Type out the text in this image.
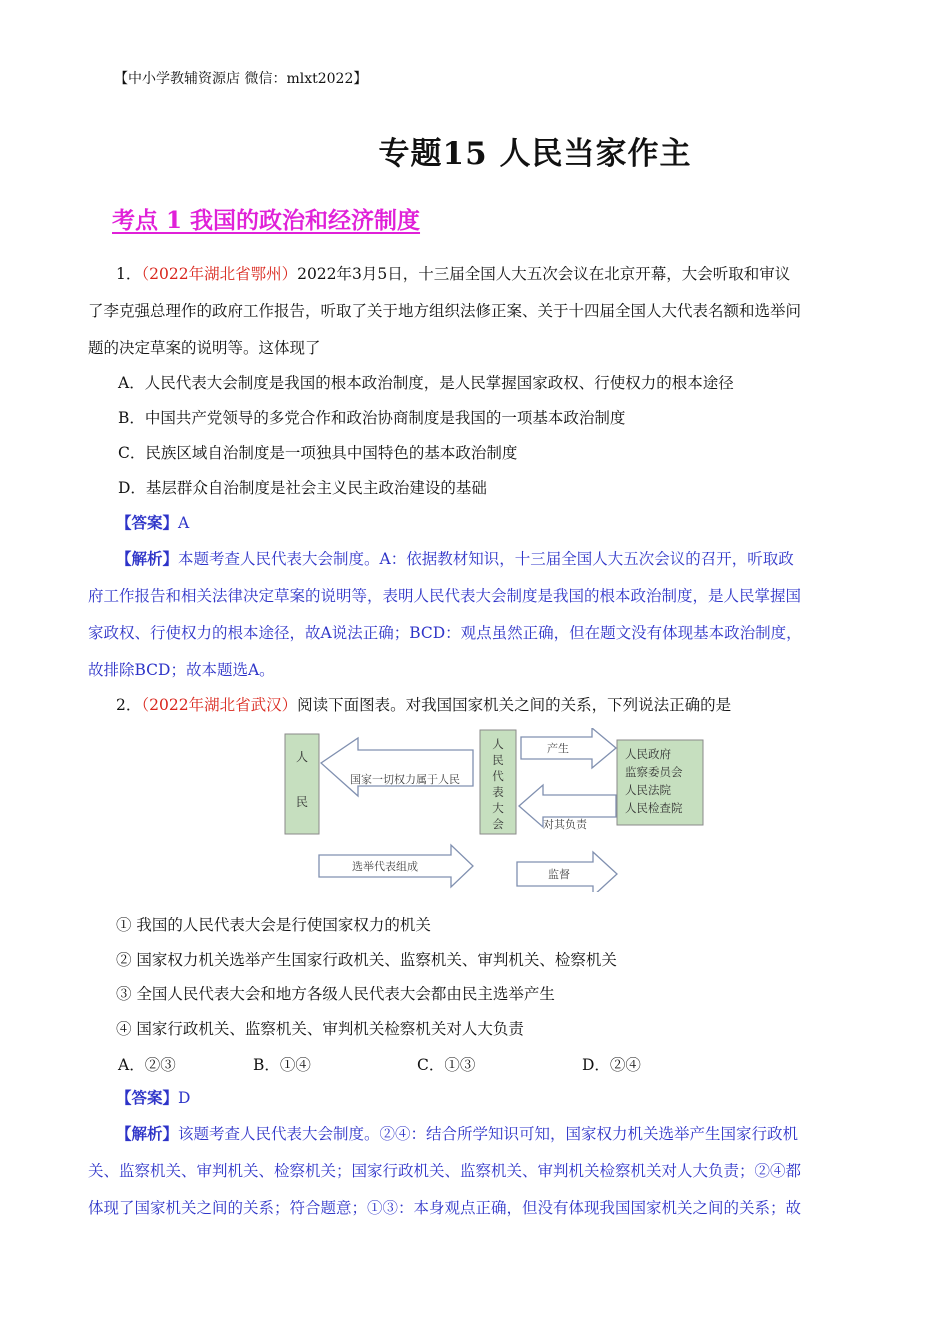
【中小学教辅资源店 微信：mlxt2022】
专题15 人民当家作主
考点 1 我国的政治和经济制度
1．（2022年湖北省鄂州）2022年3月5日，十三届全国人大五次会议在北京开幕，大会听取和审议
了李克强总理作的政府工作报告，听取了关于地方组织法修正案、关于十四届全国人大代表名额和选举问
题的决定草案的说明等。这体现了
A．人民代表大会制度是我国的根本政治制度，是人民掌握国家政权、行使权力的根本途径
B．中国共产党领导的多党合作和政治协商制度是我国的一项基本政治制度
C．民族区域自治制度是一项独具中国特色的基本政治制度
D．基层群众自治制度是社会主义民主政治建设的基础
【答案】A
【解析】本题考查人民代表大会制度。A：依据教材知识，十三届全国人大五次会议的召开，听取政
府工作报告和相关法律决定草案的说明等，表明人民代表大会制度是我国的根本政治制度，是人民掌握国
家政权、行使权力的根本途径，故A说法正确；BCD：观点虽然正确，但在题文没有体现基本政治制度，
故排除BCD；故本题选A。
2．（2022年湖北省武汉）阅读下面图表。对我国国家机关之间的关系，下列说法正确的是
人
民
国家一切权力属于人民
人
民
代
表
大
会
产生
对其负责
人民政府
监察委员会
人民法院
人民检查院
选举代表组成
监督
① 我国的人民代表大会是行使国家权力的机关
② 国家权力机关选举产生国家行政机关、监察机关、审判机关、检察机关
③ 全国人民代表大会和地方各级人民代表大会都由民主选举产生
④ 国家行政机关、监察机关、审判机关检察机关对人大负责
A．②③	B．①④	C．①③	D．②④
【答案】D
【解析】该题考查人民代表大会制度。②④：结合所学知识可知，国家权力机关选举产生国家行政机
关、监察机关、审判机关、检察机关；国家行政机关、监察机关、审判机关检察机关对人大负责；②④都
体现了国家机关之间的关系；符合题意；①③：本身观点正确，但没有体现我国国家机关之间的关系；故
